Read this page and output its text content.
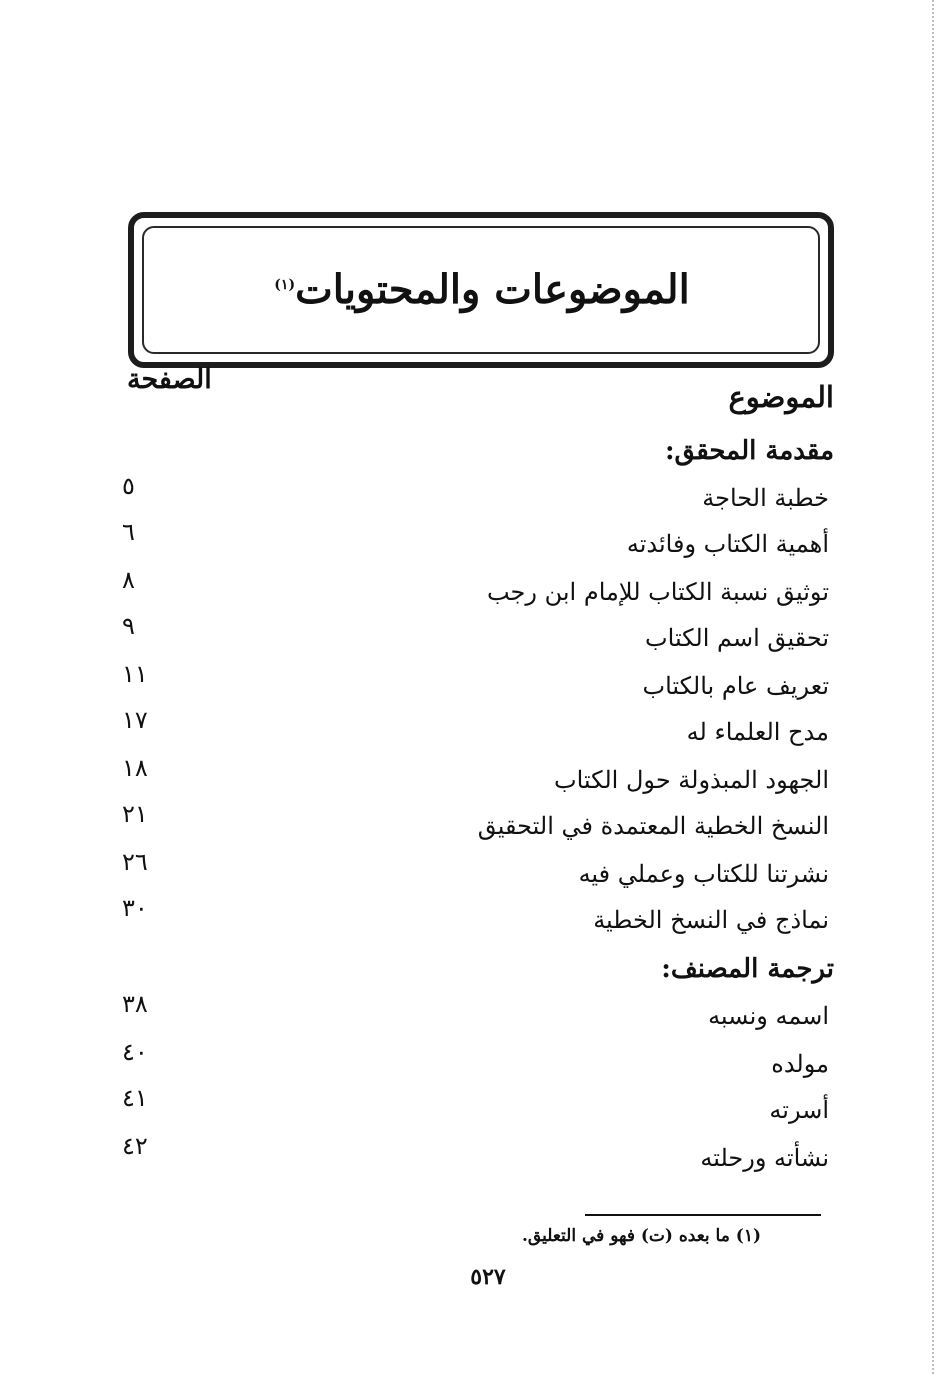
الموضوعات والمحتويات$^{(١)}$
الموضوع
الصفحة
مقدمة المحقق:
خطبة الحاجة
٥
أهمية الكتاب وفائدته
٦
توثيق نسبة الكتاب للإمام ابن رجب
٨
تحقيق اسم الكتاب
٩
تعريف عام بالكتاب
١١
مدح العلماء له
١٧
الجهود المبذولة حول الكتاب
١٨
النسخ الخطية المعتمدة في التحقيق
٢١
نشرتنا للكتاب وعملي فيه
٢٦
نماذج في النسخ الخطية
٣٠
ترجمة المصنف:
اسمه ونسبه
٣٨
مولده
٤٠
أسرته
٤١
نشأته ورحلته
٤٢
(١) ما بعده (ت) فهو في التعليق.
٥٢٧
